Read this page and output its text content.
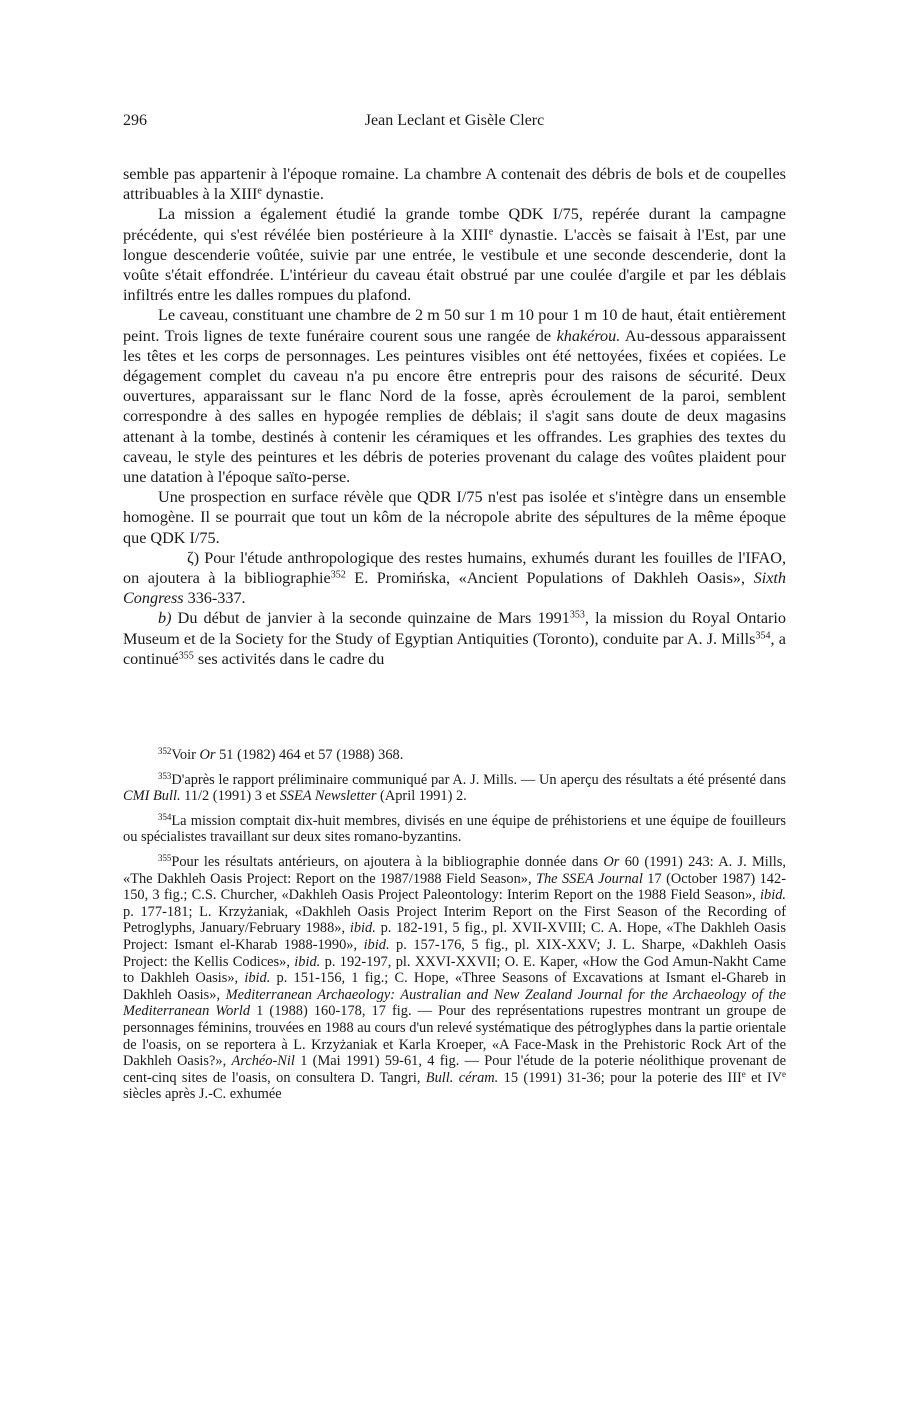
296	Jean Leclant et Gisèle Clerc

semble pas appartenir à l'époque romaine. La chambre A contenait des débris de bols et de coupelles attribuables à la XIIIe dynastie.

La mission a également étudié la grande tombe QDK I/75, repérée durant la campagne précédente, qui s'est révélée bien postérieure à la XIIIe dynastie. L'accès se faisait à l'Est, par une longue descenderie voûtée, suivie par une entrée, le vestibule et une seconde descenderie, dont la voûte s'était effondrée. L'intérieur du caveau était obstrué par une coulée d'argile et par les déblais infiltrés entre les dalles rompues du plafond.

Le caveau, constituant une chambre de 2 m 50 sur 1 m 10 pour 1 m 10 de haut, était entièrement peint. Trois lignes de texte funéraire courent sous une rangée de khakérou. Au-dessous apparaissent les têtes et les corps de personnages. Les peintures visibles ont été nettoyées, fixées et copiées. Le dégagement complet du caveau n'a pu encore être entrepris pour des raisons de sécurité. Deux ouvertures, apparaissant sur le flanc Nord de la fosse, après écroulement de la paroi, semblent correspondre à des salles en hypogée remplies de déblais; il s'agit sans doute de deux magasins attenant à la tombe, destinés à contenir les céramiques et les offrandes. Les graphies des textes du caveau, le style des peintures et les débris de poteries provenant du calage des voûtes plaident pour une datation à l'époque saïto-perse.

Une prospection en surface révèle que QDR I/75 n'est pas isolée et s'intègre dans un ensemble homogène. Il se pourrait que tout un kôm de la nécropole abrite des sépultures de la même époque que QDK I/75.

ζ) Pour l'étude anthropologique des restes humains, exhumés durant les fouilles de l'IFAO, on ajoutera à la bibliographie$^{352}$ E. Promińska, «Ancient Populations of Dakhleh Oasis», Sixth Congress 336-337.

b) Du début de janvier à la seconde quinzaine de Mars 1991$^{353}$, la mission du Royal Ontario Museum et de la Society for the Study of Egyptian Antiquities (Toronto), conduite par A. J. Mills$^{354}$, a continué$^{355}$ ses activités dans le cadre du

$^{352}$Voir Or 51 (1982) 464 et 57 (1988) 368.

$^{353}$D'après le rapport préliminaire communiqué par A. J. Mills. — Un aperçu des résultats a été présenté dans CMI Bull. 11/2 (1991) 3 et SSEA Newsletter (April 1991) 2.

$^{354}$La mission comptait dix-huit membres, divisés en une équipe de préhistoriens et une équipe de fouilleurs ou spécialistes travaillant sur deux sites romano-byzantins.

$^{355}$Pour les résultats antérieurs, on ajoutera à la bibliographie donnée dans Or 60 (1991) 243: A. J. Mills, «The Dakhleh Oasis Project: Report on the 1987/1988 Field Season», The SSEA Journal 17 (October 1987) 142-150, 3 fig.; C.S. Churcher, «Dakhleh Oasis Project Paleontology: Interim Report on the 1988 Field Season», ibid. p. 177-181; L. Krzyżaniak, «Dakhleh Oasis Project Interim Report on the First Season of the Recording of Petroglyphs, January/February 1988», ibid. p. 182-191, 5 fig., pl. XVII-XVIII; C. A. Hope, «The Dakhleh Oasis Project: Ismant el-Kharab 1988-1990», ibid. p. 157-176, 5 fig., pl. XIX-XXV; J. L. Sharpe, «Dakhleh Oasis Project: the Kellis Codices», ibid. p. 192-197, pl. XXVI-XXVII; O. E. Kaper, «How the God Amun-Nakht Came to Dakhleh Oasis», ibid. p. 151-156, 1 fig.; C. Hope, «Three Seasons of Excavations at Ismant el-Ghareb in Dakhleh Oasis», Mediterranean Archaeology: Australian and New Zealand Journal for the Archaeology of the Mediterranean World 1 (1988) 160-178, 17 fig. — Pour des représentations rupestres montrant un groupe de personnages féminins, trouvées en 1988 au cours d'un relevé systématique des pétroglyphes dans la partie orientale de l'oasis, on se reportera à L. Krzyżaniak et Karla Kroeper, «A Face-Mask in the Prehistoric Rock Art of the Dakhleh Oasis?», Archéo-Nil 1 (Mai 1991) 59-61, 4 fig. — Pour l'étude de la poterie néolithique provenant de cent-cinq sites de l'oasis, on consultera D. Tangri, Bull. céram. 15 (1991) 31-36; pour la poterie des IIIe et IVe siècles après J.-C. exhumée
